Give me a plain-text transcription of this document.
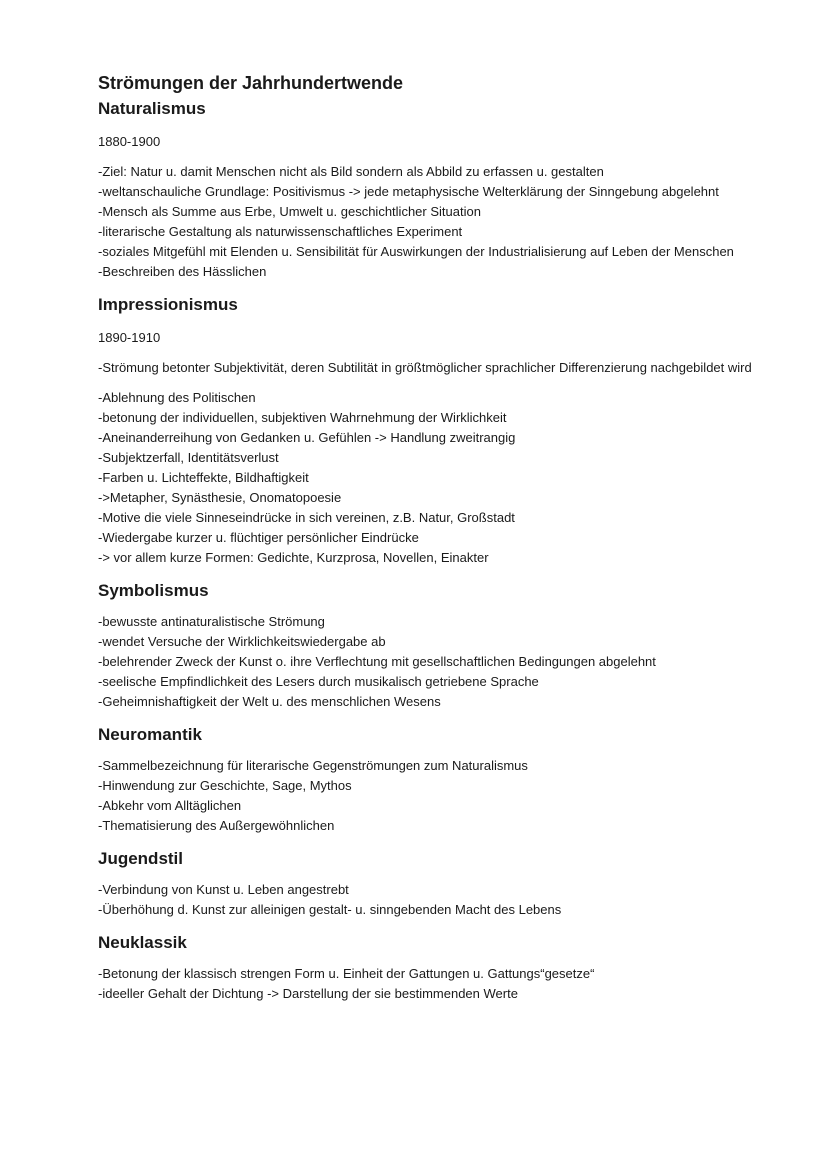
Strömungen der Jahrhundertwende
Naturalismus

1880-1900

-Ziel: Natur u. damit Menschen nicht als Bild sondern als Abbild zu erfassen u. gestalten
-weltanschauliche Grundlage: Positivismus -> jede metaphysische Welterklärung der Sinngebung abgelehnt
-Mensch als Summe aus Erbe, Umwelt u. geschichtlicher Situation
-literarische Gestaltung als naturwissenschaftliches Experiment
-soziales Mitgefühl mit Elenden u. Sensibilität für Auswirkungen der Industrialisierung auf Leben der Menschen
-Beschreiben des Hässlichen
Impressionismus

1890-1910

-Strömung betonter Subjektivität, deren Subtilität in größtmöglicher sprachlicher Differenzierung nachgebildet wird

-Ablehnung des Politischen
-betonung der individuellen, subjektiven Wahrnehmung der Wirklichkeit
-Aneinanderreihung von Gedanken u. Gefühlen -> Handlung zweitrangig
-Subjektzerfall, Identitätsverlust
-Farben u. Lichteffekte, Bildhaftigkeit
->Metapher, Synästhesie, Onomatopoesie
-Motive die viele Sinneseindrücke in sich vereinen, z.B. Natur, Großstadt
-Wiedergabe kurzer u. flüchtiger persönlicher Eindrücke
-> vor allem kurze Formen: Gedichte, Kurzprosa, Novellen, Einakter
Symbolismus
-bewusste antinaturalistische Strömung
-wendet Versuche der Wirklichkeitswiedergabe ab
-belehrender Zweck der Kunst o. ihre Verflechtung mit gesellschaftlichen Bedingungen abgelehnt
-seelische Empfindlichkeit des Lesers durch musikalisch getriebene Sprache
-Geheimnishaftigkeit der Welt u. des menschlichen Wesens
Neuromantik
-Sammelbezeichnung für literarische Gegenströmungen zum Naturalismus
-Hinwendung zur Geschichte, Sage, Mythos
-Abkehr vom Alltäglichen
-Thematisierung des Außergewöhnlichen
Jugendstil
-Verbindung von Kunst u. Leben angestrebt
-Überhöhung d. Kunst zur alleinigen gestalt- u. sinngebenden Macht des Lebens
Neuklassik
-Betonung der klassisch strengen Form u. Einheit der Gattungen u. Gattungs“gesetze“
-ideeller Gehalt der Dichtung -> Darstellung der sie bestimmenden Werte
